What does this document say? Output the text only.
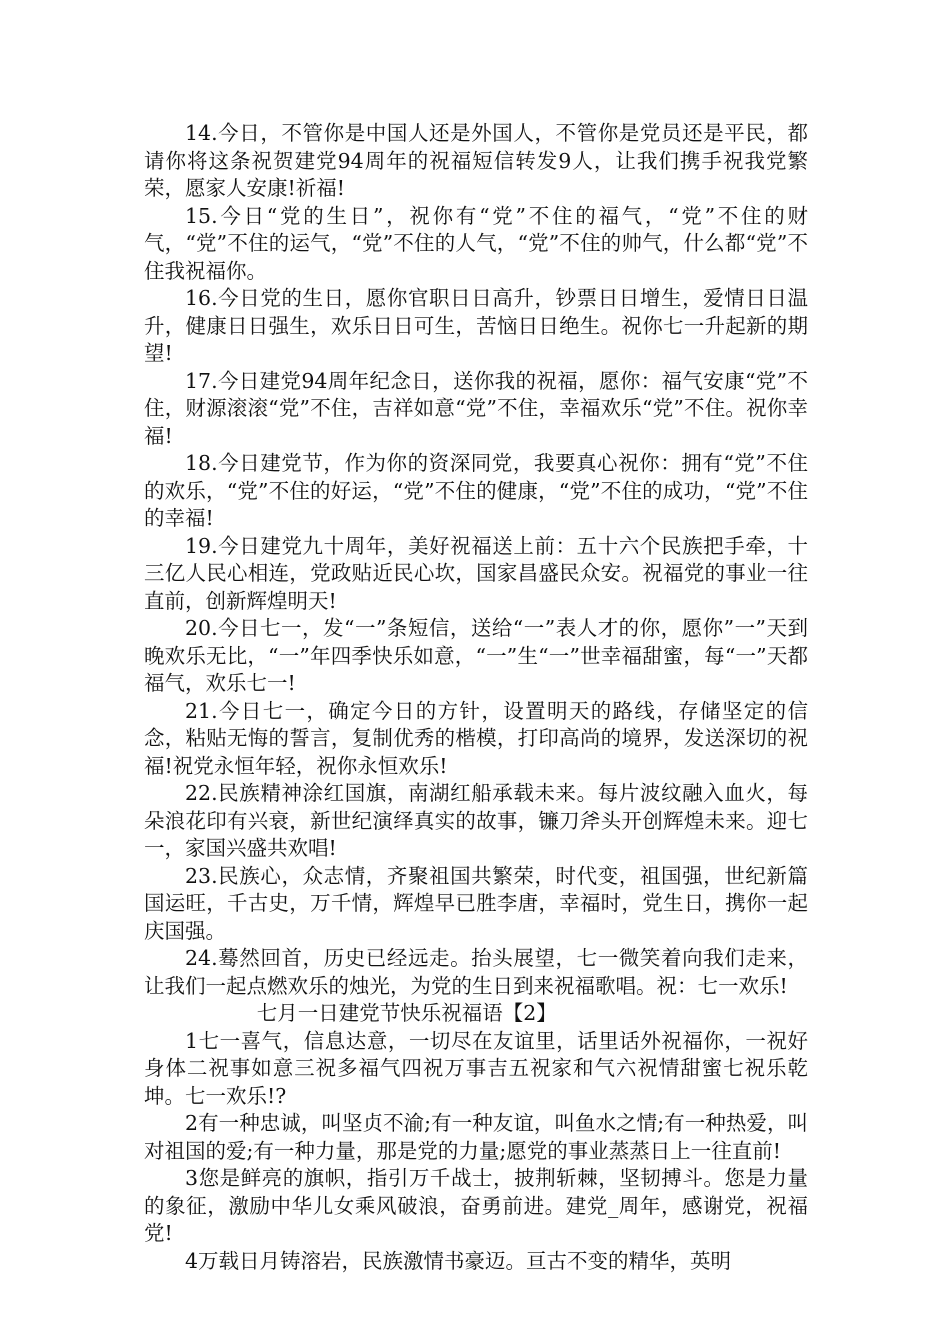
14.今日，不管你是中国人还是外国人，不管你是党员还是平民，都请你将这条祝贺建党94周年的祝福短信转发9人，让我们携手祝我党繁荣，愿家人安康!祈福!

15.今日“党的生日”，祝你有“党”不住的福气，“党”不住的财气，“党”不住的运气，“党”不住的人气，“党”不住的帅气，什么都“党”不住我祝福你。

16.今日党的生日，愿你官职日日高升，钞票日日增生，爱情日日温升，健康日日强生，欢乐日日可生，苦恼日日绝生。祝你七一升起新的期望!

17.今日建党94周年纪念日，送你我的祝福，愿你：福气安康“党”不住，财源滚滚“党”不住，吉祥如意“党”不住，幸福欢乐“党”不住。祝你幸福!

18.今日建党节，作为你的资深同党，我要真心祝你：拥有“党”不住的欢乐，“党”不住的好运，“党”不住的健康，“党”不住的成功，“党”不住的幸福!

19.今日建党九十周年，美好祝福送上前：五十六个民族把手牵，十三亿人民心相连，党政贴近民心坎，国家昌盛民众安。祝福党的事业一往直前，创新辉煌明天!

20.今日七一，发“一”条短信，送给“一”表人才的你，愿你”一”天到晚欢乐无比，“一”年四季快乐如意，“一”生“一”世幸福甜蜜，每“一”天都福气，欢乐七一!

21.今日七一，确定今日的方针，设置明天的路线，存储坚定的信念，粘贴无悔的誓言，复制优秀的楷模，打印高尚的境界，发送深切的祝福!祝党永恒年轻，祝你永恒欢乐!

22.民族精神涂红国旗，南湖红船承载未来。每片波纹融入血火，每朵浪花印有兴衰，新世纪演绎真实的故事，镰刀斧头开创辉煌未来。迎七一，家国兴盛共欢唱!

23.民族心，众志情，齐聚祖国共繁荣，时代变，祖国强，世纪新篇国运旺，千古史，万千情，辉煌早已胜李唐，幸福时，党生日，携你一起庆国强。

24.蓦然回首，历史已经远走。抬头展望，七一微笑着向我们走来，让我们一起点燃欢乐的烛光，为党的生日到来祝福歌唱。祝：七一欢乐!

七月一日建党节快乐祝福语【2】

1七一喜气，信息达意，一切尽在友谊里，话里话外祝福你，一祝好身体二祝事如意三祝多福气四祝万事吉五祝家和气六祝情甜蜜七祝乐乾坤。七一欢乐!?

2有一种忠诚，叫坚贞不渝;有一种友谊，叫鱼水之情;有一种热爱，叫对祖国的爱;有一种力量，那是党的力量;愿党的事业蒸蒸日上一往直前!

3您是鲜亮的旗帜，指引万千战士，披荆斩棘，坚韧搏斗。您是力量的象征，激励中华儿女乘风破浪，奋勇前进。建党_周年，感谢党，祝福党!

4万载日月铸溶岩，民族激情书豪迈。亘古不变的精华，英明
